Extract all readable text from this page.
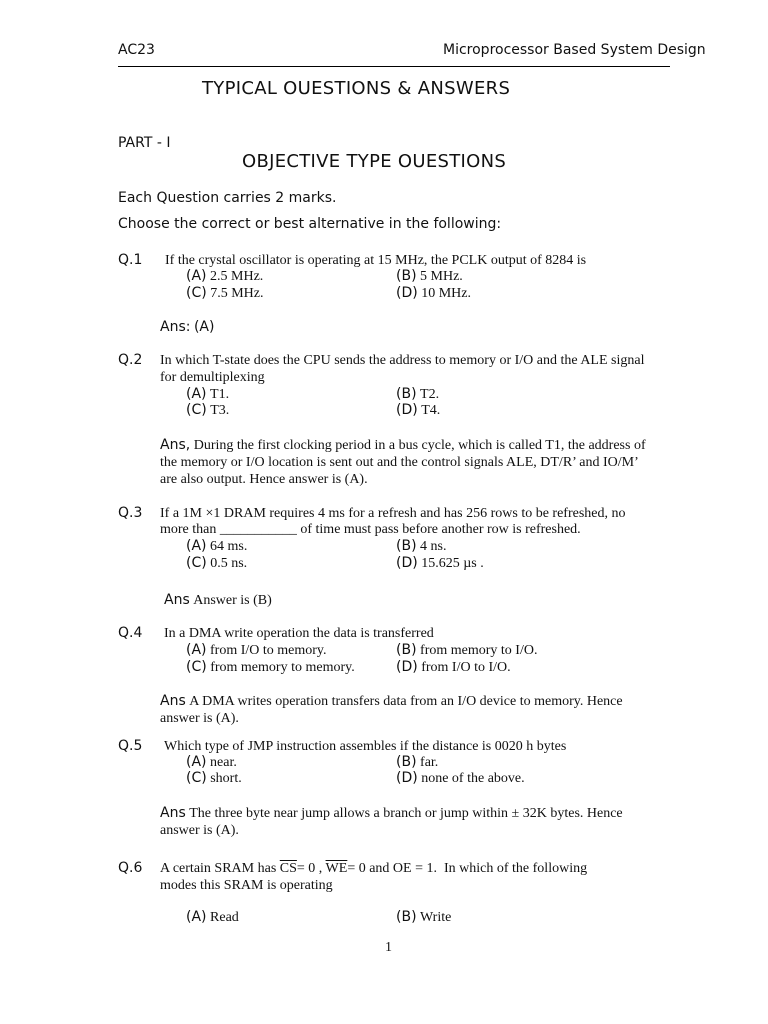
AC23	Microprocessor Based System Design
TYPICAL OUESTIONS & ANSWERS
PART - I
OBJECTIVE TYPE OUESTIONS
Each Question carries 2 marks.
Choose the correct or best alternative in the following:
Q.1 If the crystal oscillator is operating at 15 MHz, the PCLK output of 8284 is
(A) 2.5 MHz.	(B) 5 MHz.
(C) 7.5 MHz.	(D) 10 MHz.
Ans: (A)
Q.2 In which T-state does the CPU sends the address to memory or I/O and the ALE signal
for demultiplexing
(A) T1.	(B) T2.
(C) T3.	(D) T4.
Ans, During the first clocking period in a bus cycle, which is called T1, the address of
the memory or I/O location is sent out and the control signals ALE, DT/R’ and IO/M’
are also output. Hence answer is (A).
Q.3 If a 1M ×1 DRAM requires 4 ms for a refresh and has 256 rows to be refreshed, no
more than ___________ of time must pass before another row is refreshed.
(A) 64 ms.	(B) 4 ns.
(C) 0.5 ns.	(D) 15.625 µs .
Ans Answer is (B)
Q.4 In a DMA write operation the data is transferred
(A) from I/O to memory.	(B) from memory to I/O.
(C) from memory to memory.	(D) from I/O to I/O.
Ans A DMA writes operation transfers data from an I/O device to memory. Hence
answer is (A).
Q.5 Which type of JMP instruction assembles if the distance is 0020 h bytes
(A) near.	(B) far.
(C) short.	(D) none of the above.
Ans The three byte near jump allows a branch or jump within ± 32K bytes. Hence
answer is (A).
Q.6 A certain SRAM has $\overline{CS}= 0$ , $\overline{WE}= 0$ and OE = 1. In which of the following
modes this SRAM is operating
(A) Read	(B) Write
1
